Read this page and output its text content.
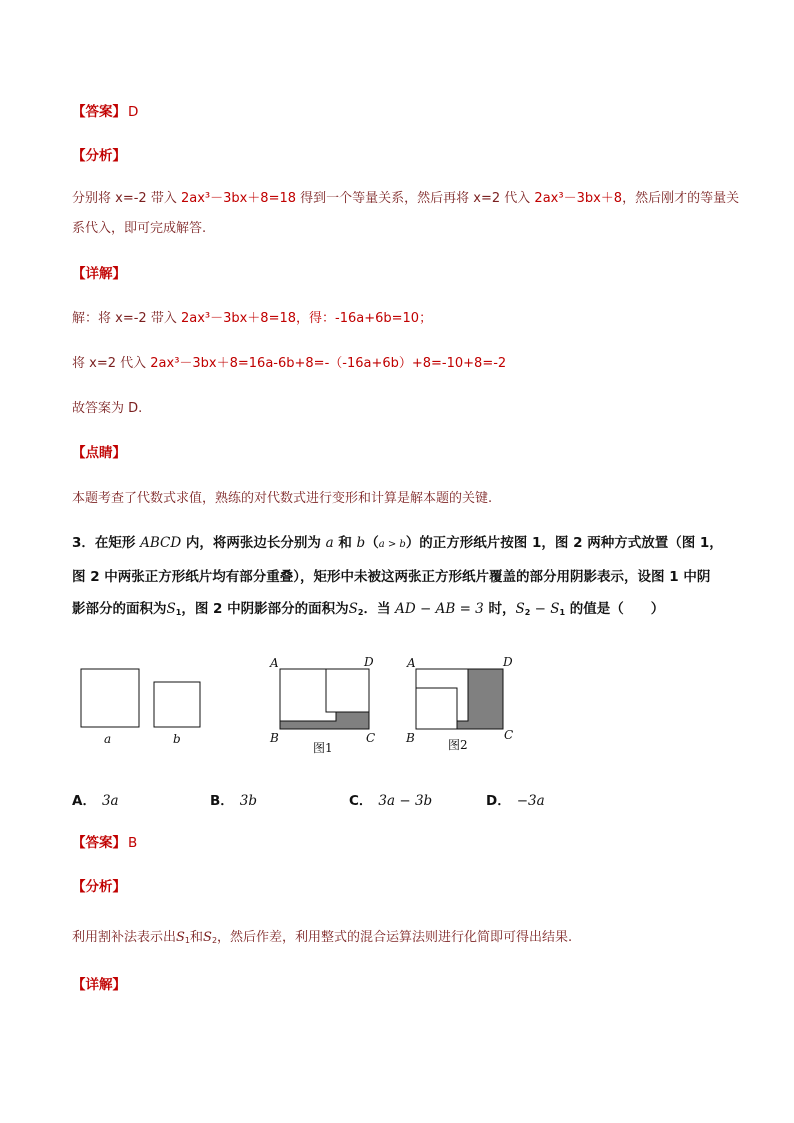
【答案】 D
【分析】
分别将 x=-2 带入 2ax³－3bx＋8=18 得到一个等量关系，然后再将 x=2 代入 2ax³－3bx＋8，然后刚才的等量关
系代入，即可完成解答.
【详解】
解：将 x=-2 带入 2ax³－3bx＋8=18，得：-16a+6b=10；
将 x=2 代入 2ax³－3bx＋8=16a-6b+8=-（-16a+6b）+8=-10+8=-2
故答案为 D.
【点睛】
本题考查了代数式求值，熟练的对代数式进行变形和计算是解本题的关键.
3．在矩形 ABCD 内，将两张边长分别为 a 和 b（a > b）的正方形纸片按图 1，图 2 两种方式放置（图 1，
图 2 中两张正方形纸片均有部分重叠），矩形中未被这两张正方形纸片覆盖的部分用阴影表示，设图 1 中阴
影部分的面积为$S_1$，图 2 中阴影部分的面积为$S_2$．当 AD − AB = 3 时，$S_2 - S_1$ 的值是（　　）
a	b
A	D
B	C
图1
A	D
B	C
图2
A． 3a	B． 3b	C． 3a − 3b	D． −3a
【答案】 B
【分析】
利用割补法表示出$S_1$和$S_2$，然后作差，利用整式的混合运算法则进行化简即可得出结果.
【详解】
